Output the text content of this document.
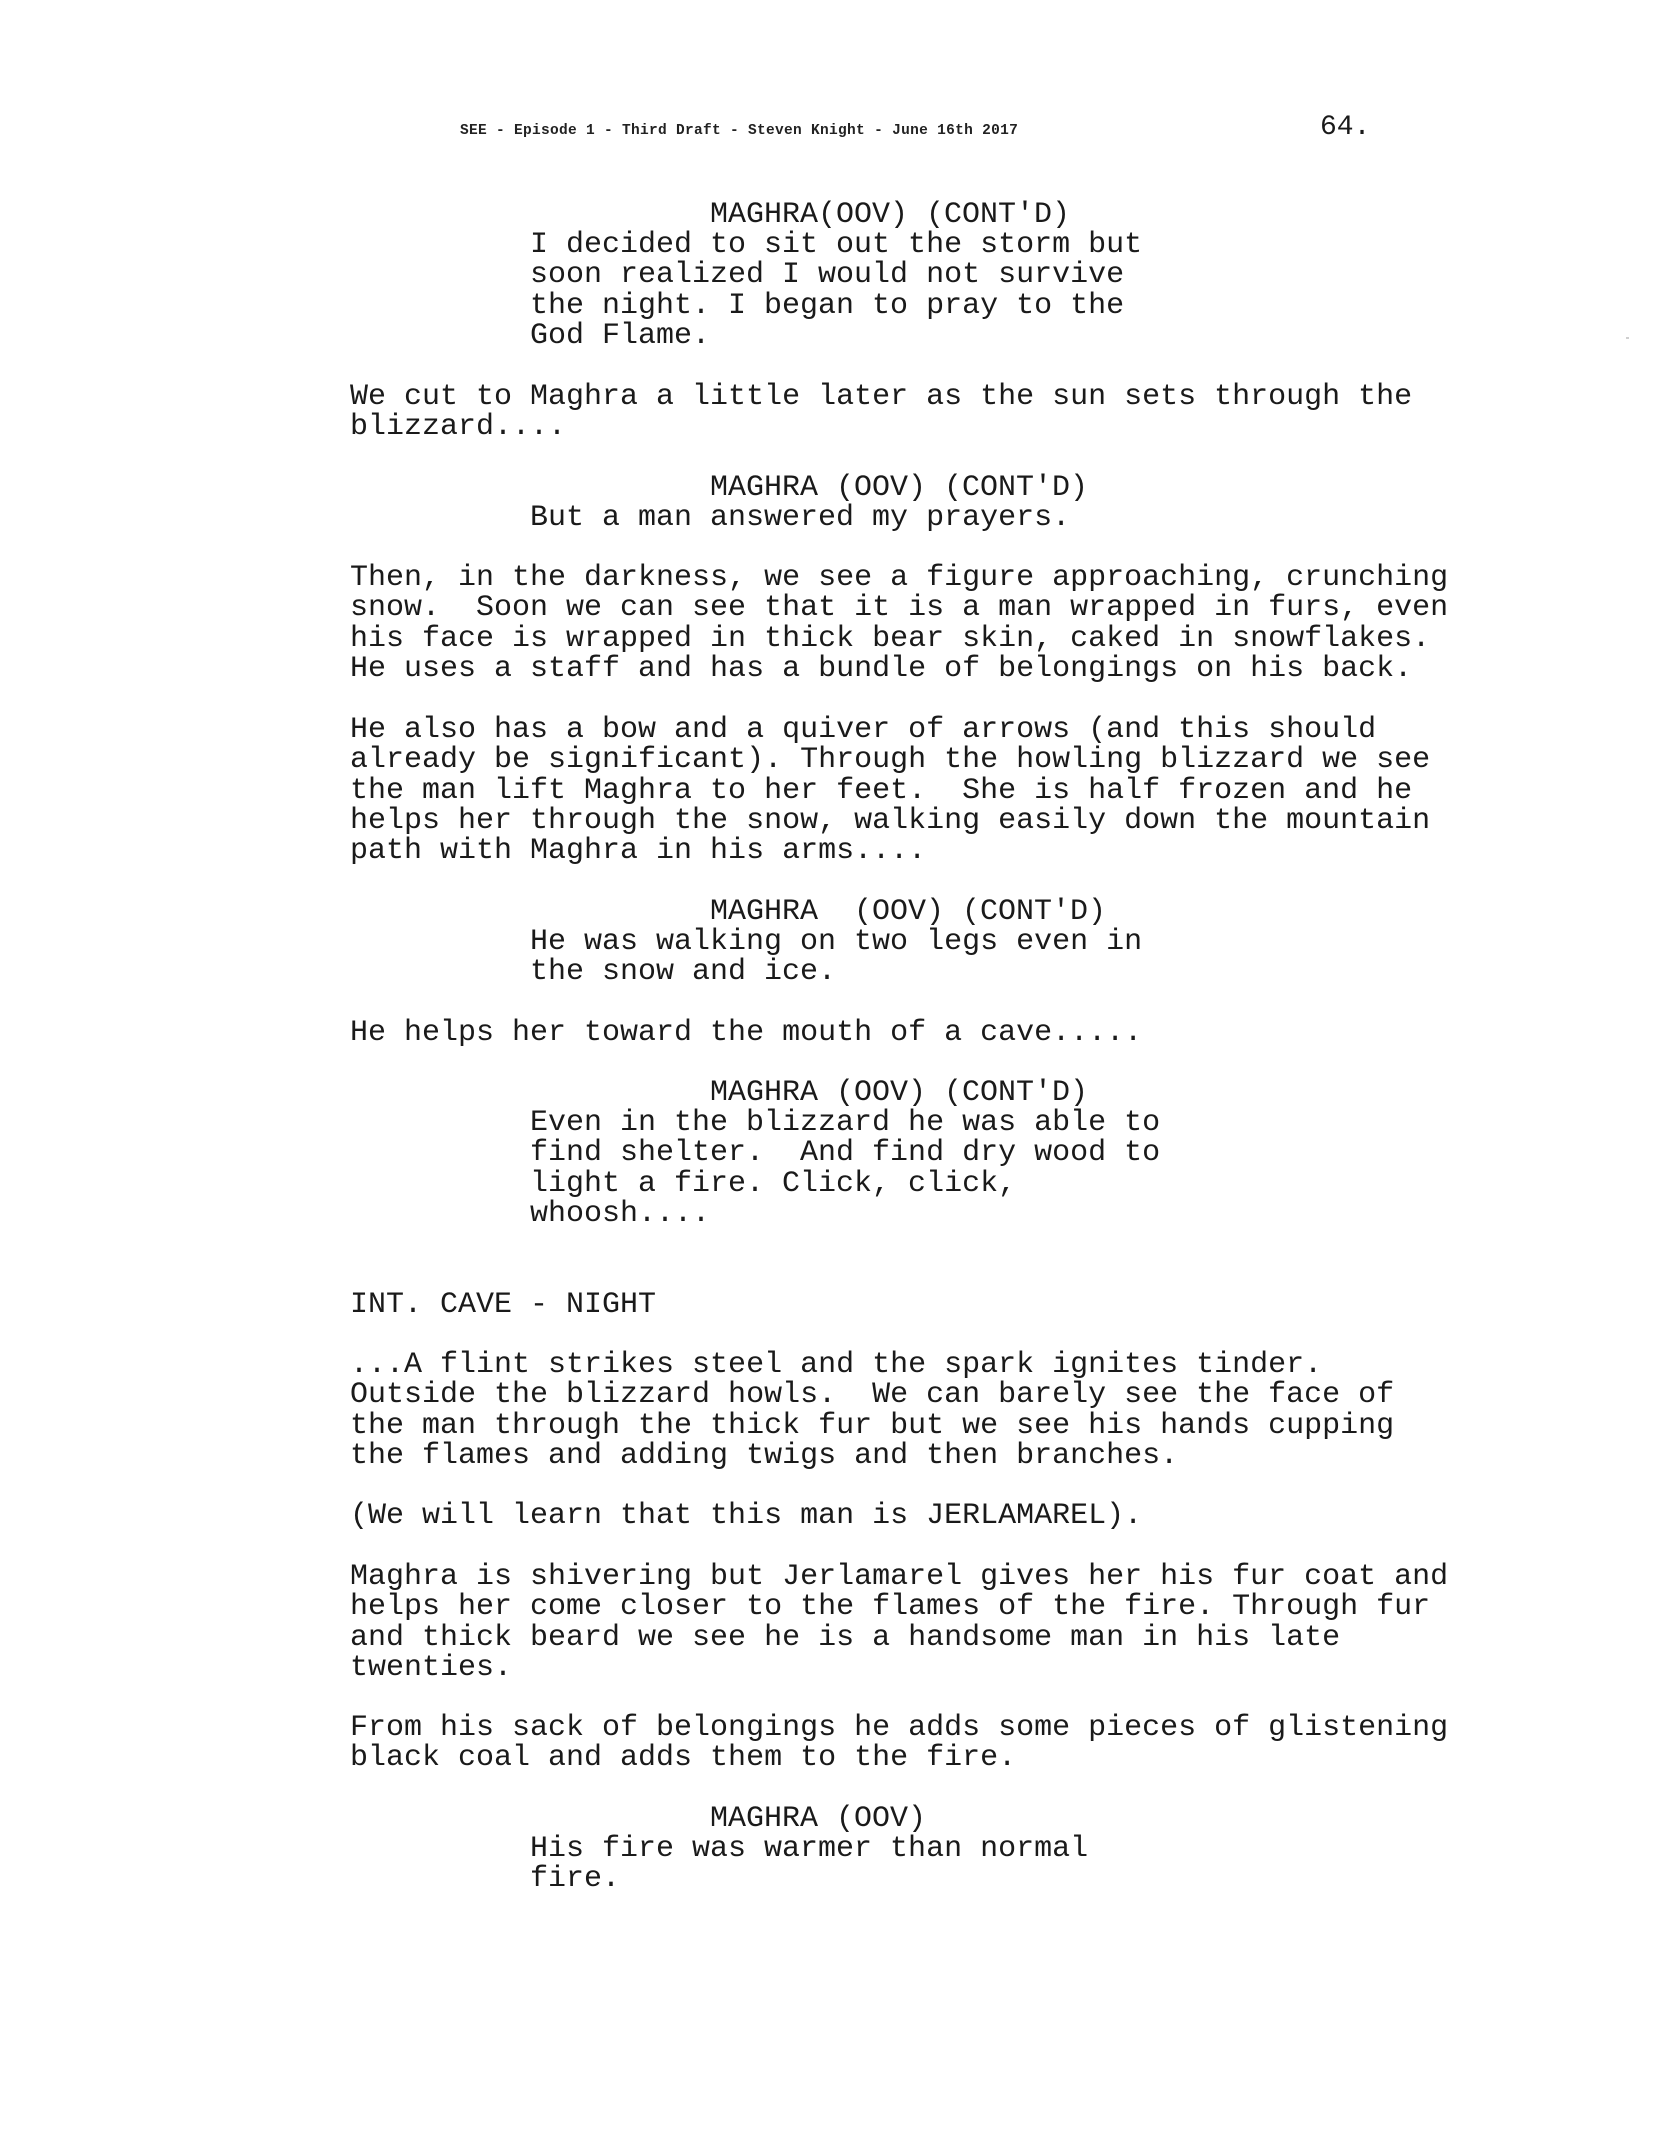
SEE - Episode 1 - Third Draft - Steven Knight - June 16th 2017	64.
MAGHRA(OOV) (CONT'D)
I decided to sit out the storm but
soon realized I would not survive
the night. I began to pray to the
God Flame.
We cut to Maghra a little later as the sun sets through the
blizzard....
MAGHRA (OOV) (CONT'D)
But a man answered my prayers.
Then, in the darkness, we see a figure approaching, crunching
snow.  Soon we can see that it is a man wrapped in furs, even
his face is wrapped in thick bear skin, caked in snowflakes.
He uses a staff and has a bundle of belongings on his back.
He also has a bow and a quiver of arrows (and this should
already be significant). Through the howling blizzard we see
the man lift Maghra to her feet.  She is half frozen and he
helps her through the snow, walking easily down the mountain
path with Maghra in his arms....
MAGHRA  (OOV) (CONT'D)
He was walking on two legs even in
the snow and ice.
He helps her toward the mouth of a cave.....
MAGHRA (OOV) (CONT'D)
Even in the blizzard he was able to
find shelter.  And find dry wood to
light a fire. Click, click,
whoosh....
INT. CAVE - NIGHT
...A flint strikes steel and the spark ignites tinder.
Outside the blizzard howls.  We can barely see the face of
the man through the thick fur but we see his hands cupping
the flames and adding twigs and then branches.
(We will learn that this man is JERLAMAREL).
Maghra is shivering but Jerlamarel gives her his fur coat and
helps her come closer to the flames of the fire. Through fur
and thick beard we see he is a handsome man in his late
twenties.
From his sack of belongings he adds some pieces of glistening
black coal and adds them to the fire.
MAGHRA (OOV)
His fire was warmer than normal
fire.
